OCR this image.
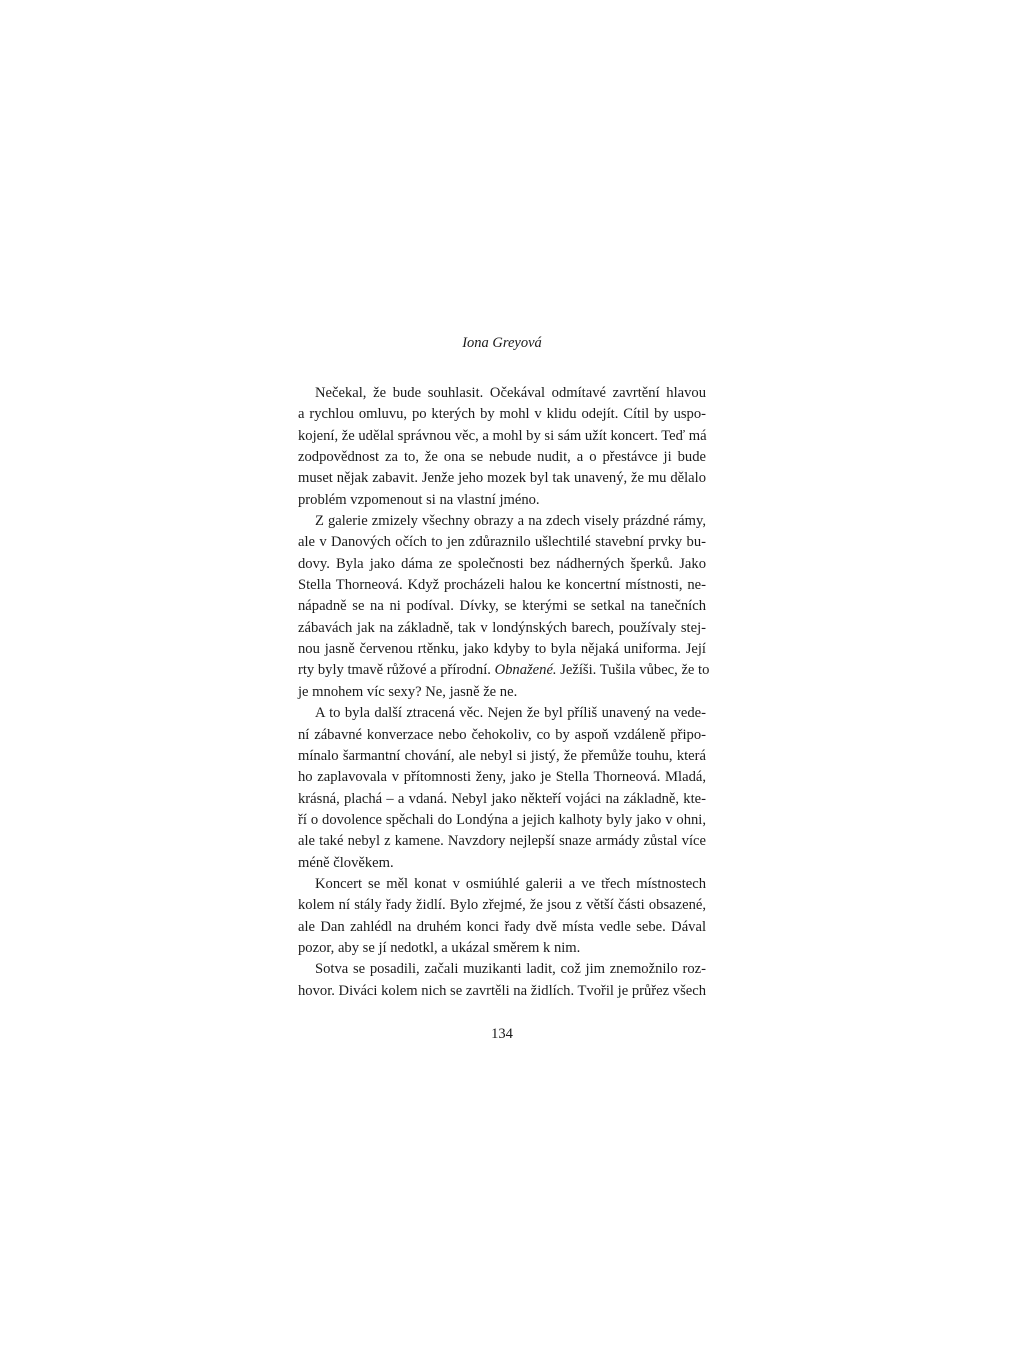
Iona Greyová

Nečekal, že bude souhlasit. Očekával odmítavé zavrtění hlavou
a rychlou omluvu, po kterých by mohl v klidu odejít. Cítil by uspo-
kojení, že udělal správnou věc, a mohl by si sám užít koncert. Teď má
zodpovědnost za to, že ona se nebude nudit, a o přestávce ji bude
muset nějak zabavit. Jenže jeho mozek byl tak unavený, že mu dělalo
problém vzpomenout si na vlastní jméno.

Z galerie zmizely všechny obrazy a na zdech visely prázdné rámy,
ale v Danových očích to jen zdůraznilo ušlechtilé stavební prvky bu-
dovy. Byla jako dáma ze společnosti bez nádherných šperků. Jako
Stella Thorneová. Když procházeli halou ke koncertní místnosti, ne-
nápadně se na ni podíval. Dívky, se kterými se setkal na tanečních
zábavách jak na základně, tak v londýnských barech, používaly stej-
nou jasně červenou rtěnku, jako kdyby to byla nějaká uniforma. Její
rty byly tmavě růžové a přírodní. Obnažené. Ježíši. Tušila vůbec, že to
je mnohem víc sexy? Ne, jasně že ne.

A to byla další ztracená věc. Nejen že byl příliš unavený na vede-
ní zábavné konverzace nebo čehokoliv, co by aspoň vzdáleně připo-
mínalo šarmantní chování, ale nebyl si jistý, že přemůže touhu, která
ho zaplavovala v přítomnosti ženy, jako je Stella Thorneová. Mladá,
krásná, plachá – a vdaná. Nebyl jako někteří vojáci na základně, kte-
ří o dovolence spěchali do Londýna a jejich kalhoty byly jako v ohni,
ale také nebyl z kamene. Navzdory nejlepší snaze armády zůstal více
méně člověkem.

Koncert se měl konat v osmiúhlé galerii a ve třech místnostech
kolem ní stály řady židlí. Bylo zřejmé, že jsou z větší části obsazené,
ale Dan zahlédl na druhém konci řady dvě místa vedle sebe. Dával
pozor, aby se jí nedotkl, a ukázal směrem k nim.

Sotva se posadili, začali muzikanti ladit, což jim znemožnilo roz-
hovor. Diváci kolem nich se zavrtěli na židlích. Tvořil je průřez všech

134
